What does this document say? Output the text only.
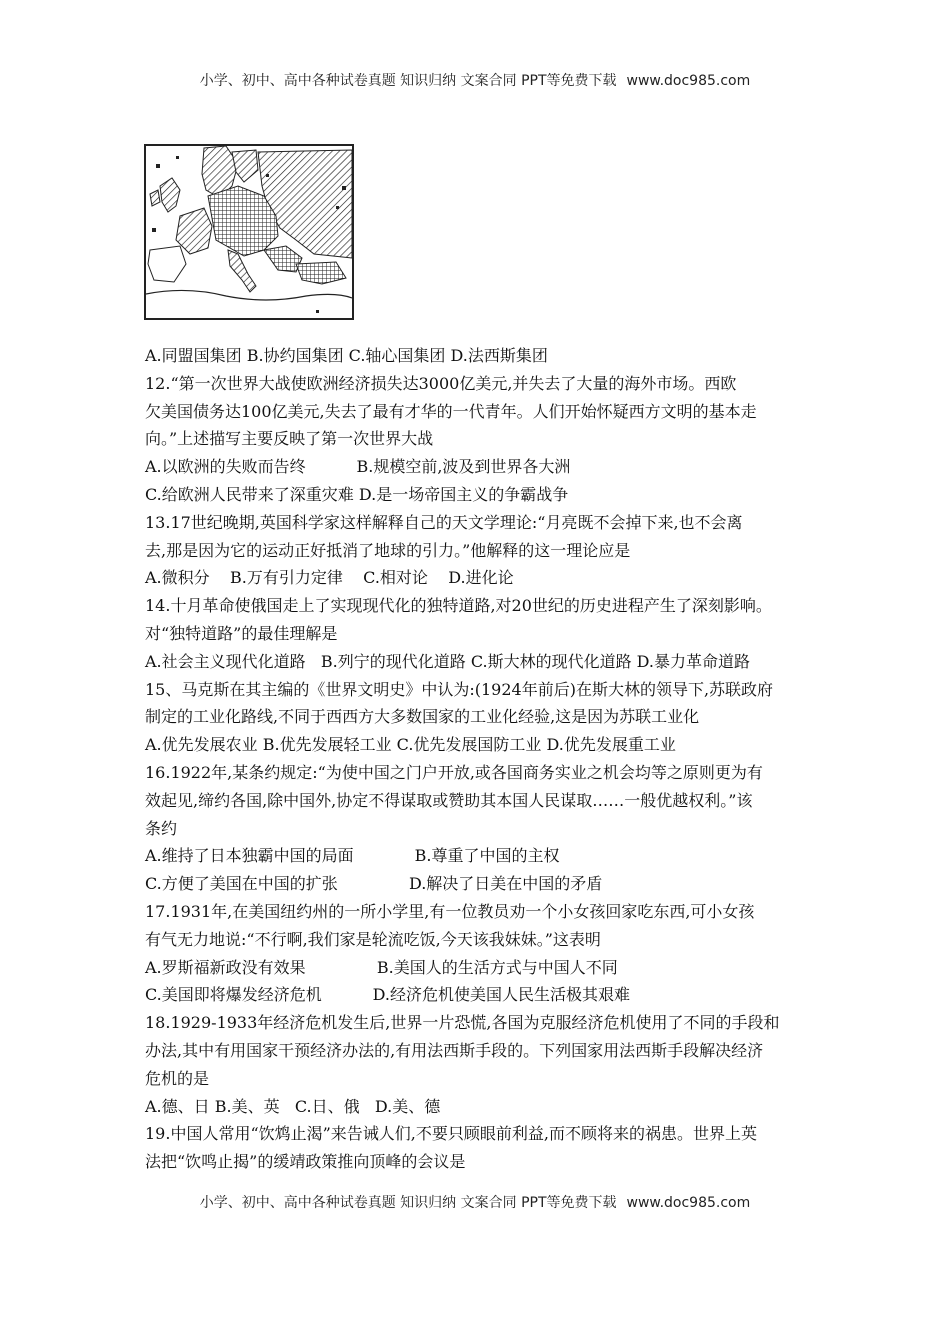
小学、初中、高中各种试卷真题 知识归纳 文案合同 PPT等免费下载 www.doc985.com
A.同盟国集团 B.协约国集团 C.轴心国集团 D.法西斯集团
12.“第一次世界大战使欧洲经济损失达3000亿美元,并失去了大量的海外市场。西欧
欠美国债务达100亿美元,失去了最有才华的一代青年。人们开始怀疑西方文明的基本走
向。”上述描写主要反映了第一次世界大战
A.以欧洲的失败而告终          B.规模空前,波及到世界各大洲
C.给欧洲人民带来了深重灾难 D.是一场帝国主义的争霸战争
13.17世纪晚期,英国科学家这样解释自己的天文学理论:“月亮既不会掉下来,也不会离
去,那是因为它的运动正好抵消了地球的引力。”他解释的这一理论应是
A.微积分    B.万有引力定律    C.相对论    D.进化论
14.十月革命使俄国走上了实现现代化的独特道路,对20世纪的历史进程产生了深刻影响。
对“独特道路”的最佳理解是
A.社会主义现代化道路   B.列宁的现代化道路 C.斯大林的现代化道路 D.暴力革命道路
15、马克斯在其主编的《世界文明史》中认为:(1924年前后)在斯大林的领导下,苏联政府
制定的工业化路线,不同于西西方大多数国家的工业化经验,这是因为苏联工业化
A.优先发展农业 B.优先发展轻工业 C.优先发展国防工业 D.优先发展重工业
16.1922年,某条约规定:“为使中国之门户开放,或各国商务实业之机会均等之原则更为有
效起见,缔约各国,除中国外,协定不得谋取或赞助其本国人民谋取……一般优越权利。”该
条约
A.维持了日本独霸中国的局面            B.尊重了中国的主权
C.方便了美国在中国的扩张              D.解决了日美在中国的矛盾
17.1931年,在美国纽约州的一所小学里,有一位教员劝一个小女孩回家吃东西,可小女孩
有气无力地说:“不行啊,我们家是轮流吃饭,今天该我妹妹。”这表明
A.罗斯福新政没有效果              B.美国人的生活方式与中国人不同
C.美国即将爆发经济危机          D.经济危机使美国人民生活极其艰难
18.1929-1933年经济危机发生后,世界一片恐慌,各国为克服经济危机使用了不同的手段和
办法,其中有用国家干预经济办法的,有用法西斯手段的。下列国家用法西斯手段解决经济
危机的是
A.德、日 B.美、英   C.日、俄   D.美、德
19.中国人常用“饮鸩止渴”来告诫人们,不要只顾眼前利益,而不顾将来的祸患。世界上英
法把“饮鸣止揭”的缓靖政策推向顶峰的会议是
小学、初中、高中各种试卷真题 知识归纳 文案合同 PPT等免费下载 www.doc985.com
